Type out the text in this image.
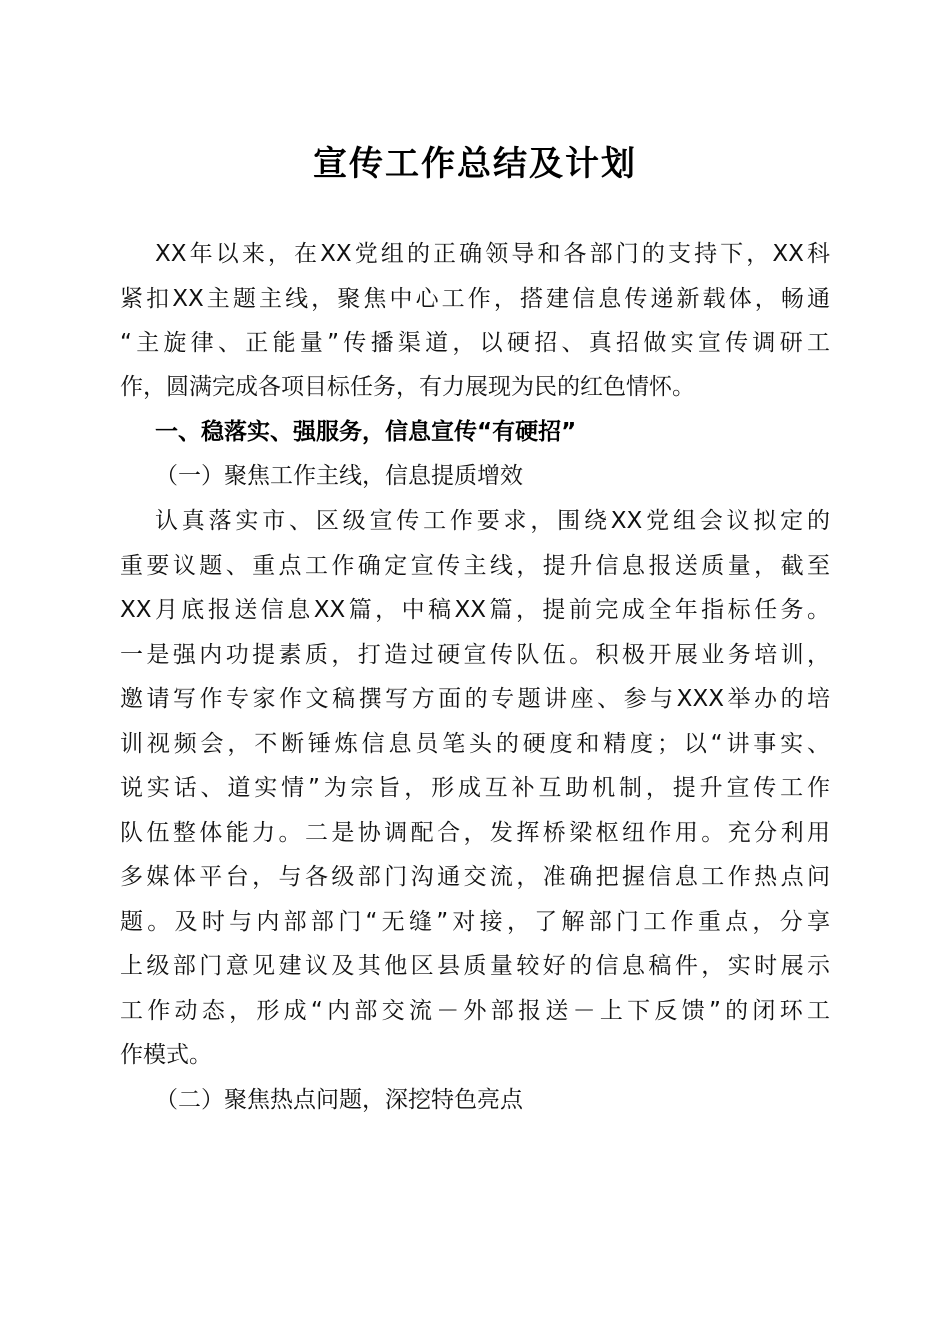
宣传工作总结及计划
XX年以来，在XX党组的正确领导和各部门的支持下，XX科
紧扣XX主题主线，聚焦中心工作，搭建信息传递新载体，畅通
“主旋律、正能量”传播渠道，以硬招、真招做实宣传调研工
作，圆满完成各项目标任务，有力展现为民的红色情怀。
一、稳落实、强服务，信息宣传“有硬招”
（一）聚焦工作主线，信息提质增效
认真落实市、区级宣传工作要求，围绕XX党组会议拟定的
重要议题、重点工作确定宣传主线，提升信息报送质量，截至
XX月底报送信息XX篇，中稿XX篇，提前完成全年指标任务。
一是强内功提素质，打造过硬宣传队伍。积极开展业务培训，
邀请写作专家作文稿撰写方面的专题讲座、参与XXX举办的培
训视频会，不断锤炼信息员笔头的硬度和精度；以“讲事实、
说实话、道实情”为宗旨，形成互补互助机制，提升宣传工作
队伍整体能力。二是协调配合，发挥桥梁枢纽作用。充分利用
多媒体平台，与各级部门沟通交流，准确把握信息工作热点问
题。及时与内部部门“无缝”对接，了解部门工作重点，分享
上级部门意见建议及其他区县质量较好的信息稿件，实时展示
工作动态，形成“内部交流－外部报送－上下反馈”的闭环工
作模式。
（二）聚焦热点问题，深挖特色亮点
